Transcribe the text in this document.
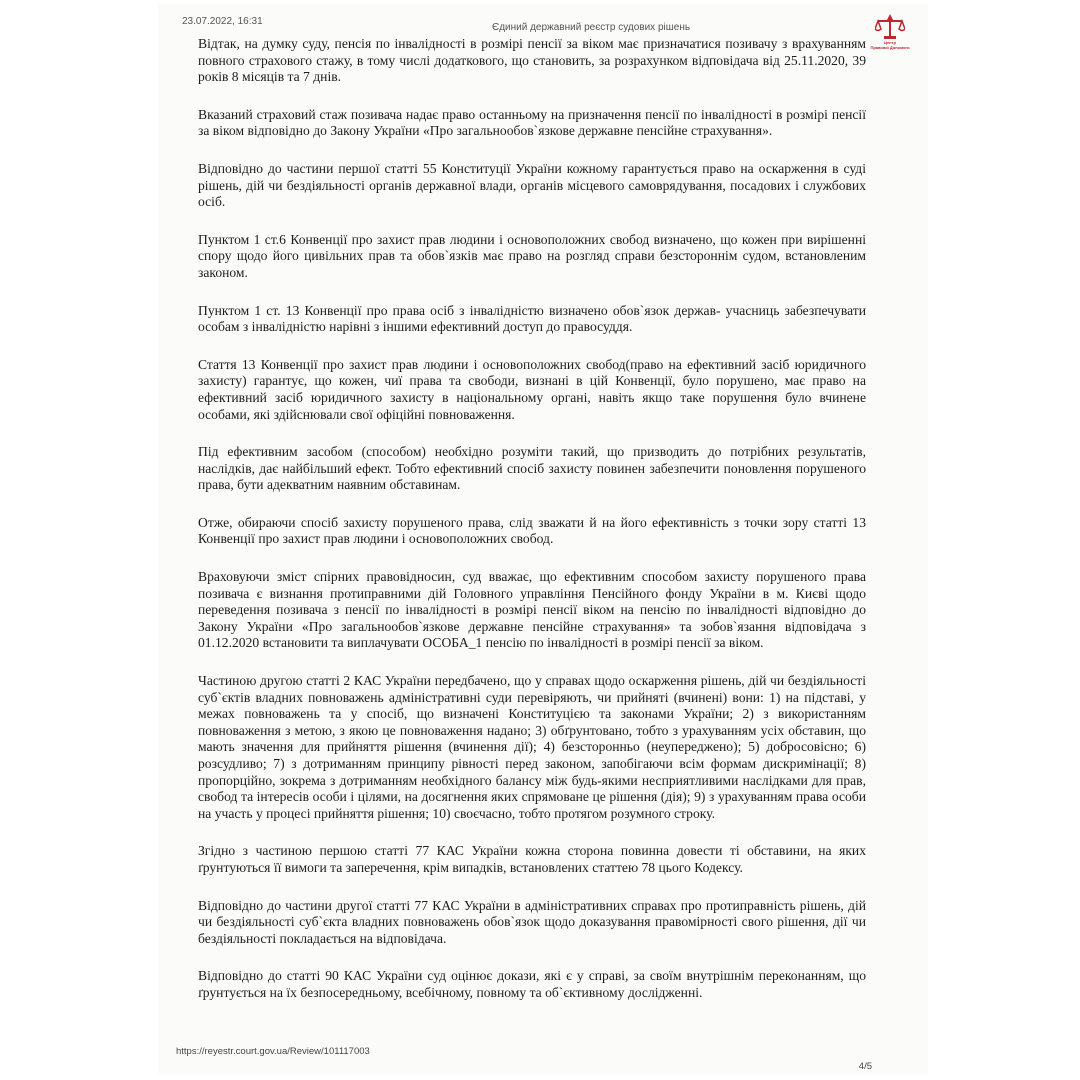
23.07.2022, 16:31
Єдиний державний реєстр судових рішень
Центр
Правової Допомоги

Відтак, на думку суду, пенсія по інвалідності в розмірі пенсії за віком має призначатися позивачу з врахуванням повного страхового стажу, в тому числі додаткового, що становить, за розрахунком відповідача від 25.11.2020, 39 років 8 місяців та 7 днів.

Вказаний страховий стаж позивача надає право останньому на призначення пенсії по інвалідності в розмірі пенсії за віком відповідно до Закону України «Про загальнообов`язкове державне пенсійне страхування».

Відповідно до частини першої статті 55 Конституції України кожному гарантується право на оскарження в суді рішень, дій чи бездіяльності органів державної влади, органів місцевого самоврядування, посадових і службових осіб.

Пунктом 1 ст.6 Конвенції про захист прав людини і основоположних свобод визначено, що кожен при вирішенні спору щодо його цивільних прав та обов`язків має право на розгляд справи безстороннім судом, встановленим законом.

Пунктом 1 ст. 13 Конвенції про права осіб з інвалідністю визначено обов`язок держав- учасниць забезпечувати особам з інвалідністю нарівні з іншими ефективний доступ до правосуддя.

Стаття 13 Конвенції про захист прав людини і основоположних свобод(право на ефективний засіб юридичного захисту) гарантує, що кожен, чиї права та свободи, визнані в цій Конвенції, було порушено, має право на ефективний засіб юридичного захисту в національному органі, навіть якщо таке порушення було вчинене особами, які здійснювали свої офіційні повноваження.

Під ефективним засобом (способом) необхідно розуміти такий, що призводить до потрібних результатів, наслідків, дає найбільший ефект. Тобто ефективний спосіб захисту повинен забезпечити поновлення порушеного права, бути адекватним наявним обставинам.

Отже, обираючи спосіб захисту порушеного права, слід зважати й на його ефективність з точки зору статті 13 Конвенції про захист прав людини і основоположних свобод.

Враховуючи зміст спірних правовідносин, суд вважає, що ефективним способом захисту порушеного права позивача є визнання протиправними дій Головного управління Пенсійного фонду України в м. Києві щодо переведення позивача з пенсії по інвалідності в розмірі пенсії віком на пенсію по інвалідності відповідно до Закону України «Про загальнообов`язкове державне пенсійне страхування» та зобов`язання відповідача з 01.12.2020 встановити та виплачувати ОСОБА_1 пенсію по інвалідності в розмірі пенсії за віком.

Частиною другою статті 2 КАС України передбачено, що у справах щодо оскарження рішень, дій чи бездіяльності суб`єктів владних повноважень адміністративні суди перевіряють, чи прийняті (вчинені) вони: 1) на підставі, у межах повноважень та у спосіб, що визначені Конституцією та законами України; 2) з використанням повноваження з метою, з якою це повноваження надано; 3) обґрунтовано, тобто з урахуванням усіх обставин, що мають значення для прийняття рішення (вчинення дії); 4) безсторонньо (неупереджено); 5) добросовісно; 6) розсудливо; 7) з дотриманням принципу рівності перед законом, запобігаючи всім формам дискримінації; 8) пропорційно, зокрема з дотриманням необхідного балансу між будь-якими несприятливими наслідками для прав, свобод та інтересів особи і цілями, на досягнення яких спрямоване це рішення (дія); 9) з урахуванням права особи на участь у процесі прийняття рішення; 10) своєчасно, тобто протягом розумного строку.

Згідно з частиною першою статті 77 КАС України кожна сторона повинна довести ті обставини, на яких ґрунтуються її вимоги та заперечення, крім випадків, встановлених статтею 78 цього Кодексу.

Відповідно до частини другої статті 77 КАС України в адміністративних справах про протиправність рішень, дій чи бездіяльності суб`єкта владних повноважень обов`язок щодо доказування правомірності свого рішення, дії чи бездіяльності покладається на відповідача.

Відповідно до статті 90 КАС України суд оцінює докази, які є у справі, за своїм внутрішнім переконанням, що ґрунтується на їх безпосередньому, всебічному, повному та об`єктивному дослідженні.

https://reyestr.court.gov.ua/Review/101117003
4/5
